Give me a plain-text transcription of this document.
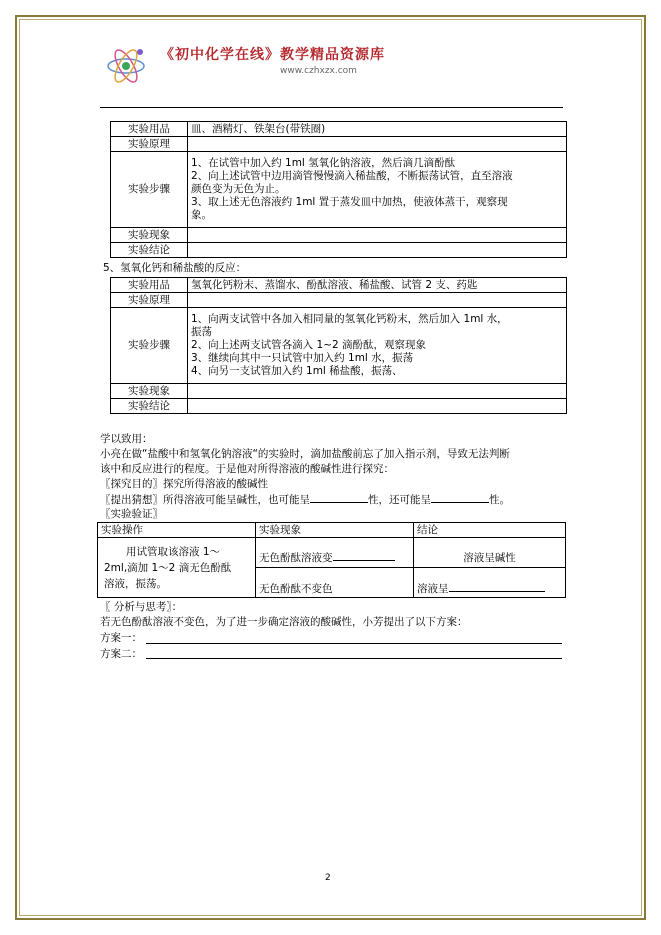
《初中化学在线》教学精品资源库
www.czhxzx.com
实验用品	皿、酒精灯、铁架台(带铁圈)
实验原理	
实验步骤	1、在试管中加入约 1ml 氢氧化钠溶液，然后滴几滴酚酞
2、向上述试管中边用滴管慢慢滴入稀盐酸，不断振荡试管，直至溶液
颜色变为无色为止。
3、取上述无色溶液约 1ml 置于蒸发皿中加热，使液体蒸干，观察现
象。

实验现象	
实验结论	
5、氢氧化钙和稀盐酸的反应：
实验用品	氢氧化钙粉末、蒸馏水、酚酞溶液、稀盐酸、试管 2 支、药匙
实验原理	
实验步骤	1、向两支试管中各加入相同量的氢氧化钙粉末，然后加入 1ml 水，
振荡
2、向上述两支试管各滴入 1~2 滴酚酞，观察现象
3、继续向其中一只试管中加入约 1ml 水，振荡
4、向另一支试管加入约 1ml 稀盐酸，振荡、

实验现象	
实验结论	
学以致用：
小亮在做“盐酸中和氢氧化钠溶液“的实验时，滴加盐酸前忘了加入指示剂，导致无法判断
该中和反应进行的程度。于是他对所得溶液的酸碱性进行探究：
〖探究目的〗探究所得溶液的酸碱性
〖提出猜想〗所得溶液可能呈碱性，也可能呈	性，还可能呈	性。
〖实验验证〗
实验操作	实验现象	结论

用试管取该溶液 1～
2ml,滴加 1～2 滴无色酚酞
溶液，振荡。	无色酚酞溶液变	溶液呈碱性
	无色酚酞不变色	溶液呈
〖 分析与思考〗：
若无色酚酞溶液不变色，为了进一步确定溶液的酸碱性，小芳提出了以下方案：
方案一：
方案二：
2
